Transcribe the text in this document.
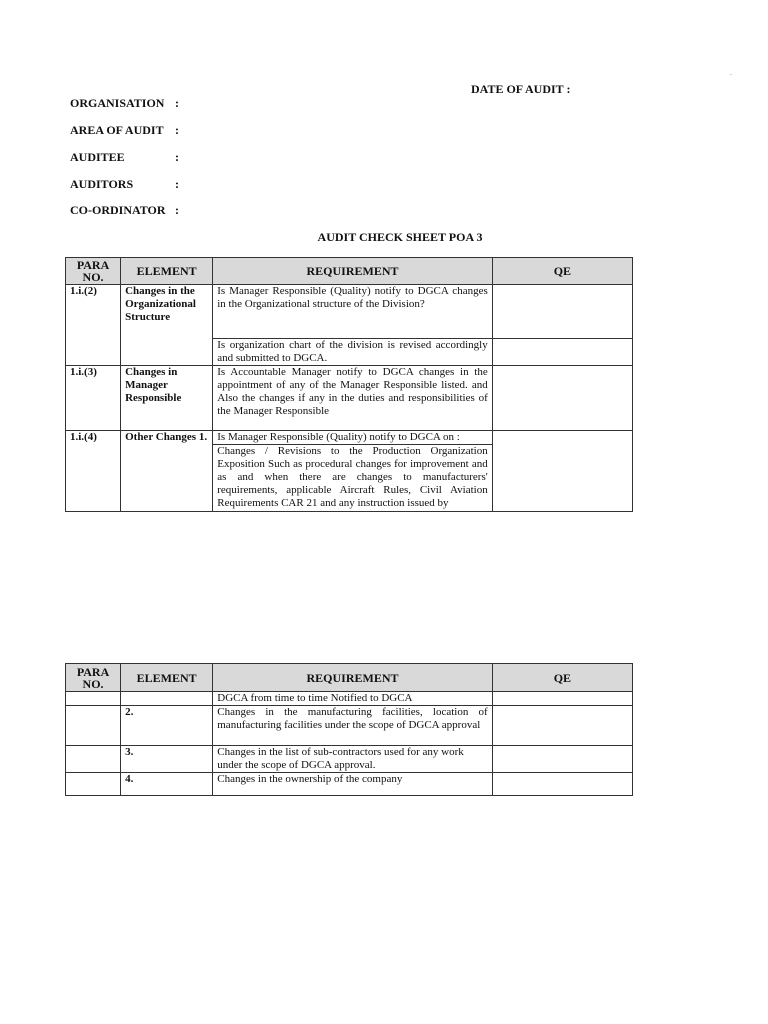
.
DATE OF AUDIT :
ORGANISATION :
AREA OF AUDIT :
AUDITEE	:
AUDITORS	:
CO-ORDINATOR :
AUDIT CHECK SHEET POA 3
PARA NO.	ELEMENT	REQUIREMENT	QE
1.i.(2)	Changes in the Organizational Structure	Is Manager Responsible (Quality) notify to DGCA changes in the Organizational structure of the Division?	
		Is organization chart of the division is revised accordingly and submitted to DGCA.	
1.i.(3)	Changes in Manager Responsible	Is Accountable Manager notify to DGCA changes in the appointment of any of the Manager Responsible listed. and Also the changes if any in the duties and responsibilities of the Manager Responsible	
1.i.(4)	Other Changes 1.	Is Manager Responsible (Quality) notify to DGCA on :	

		Changes / Revisions to the Production Organization Exposition Such as procedural changes for improvement and as and when there are changes to manufacturers' requirements, applicable Aircraft Rules, Civil Aviation Requirements CAR 21 and any instruction issued by	
PARA NO.	ELEMENT	REQUIREMENT	QE
		DGCA from time to time Notified to DGCA	
	2.	Changes in the manufacturing facilities, location of manufacturing facilities under the scope of DGCA approval	
	3.	Changes in the list of sub-contractors used for any work under the scope of DGCA approval.	
	4.	Changes in the ownership of the company	
